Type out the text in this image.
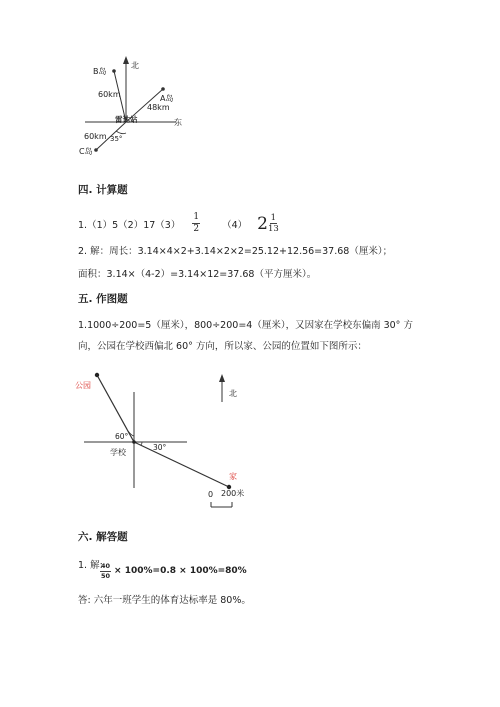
北
东
B岛
60km	A岛
48km
雷达站
60km 35°
C岛
四. 计算题
$1.(1)5(2)17(3) \frac{1}{2} (4)$ $2 \frac{1}{13}$
2. 解：周长：3.14×4×2+3.14×2×2=25.12+12.56=37.68（厘米）；
面积：3.14×（4-2）=3.14×12=37.68（平方厘米）。
五. 作图题
1.1000÷200=5（厘米），800÷200=4（厘米），又因家在学校东偏南 30° 方
向，公园在学校西偏北 60° 方向，所以家、公园的位置如下图所示：
公园
北
60°
30°
学校
家
0 200米
六. 解答题
1. 解:
$\frac{40}{50} \times 100\%=0.8 \times 100\%=80\%$
答: 六年一班学生的体育达标率是 80%。
